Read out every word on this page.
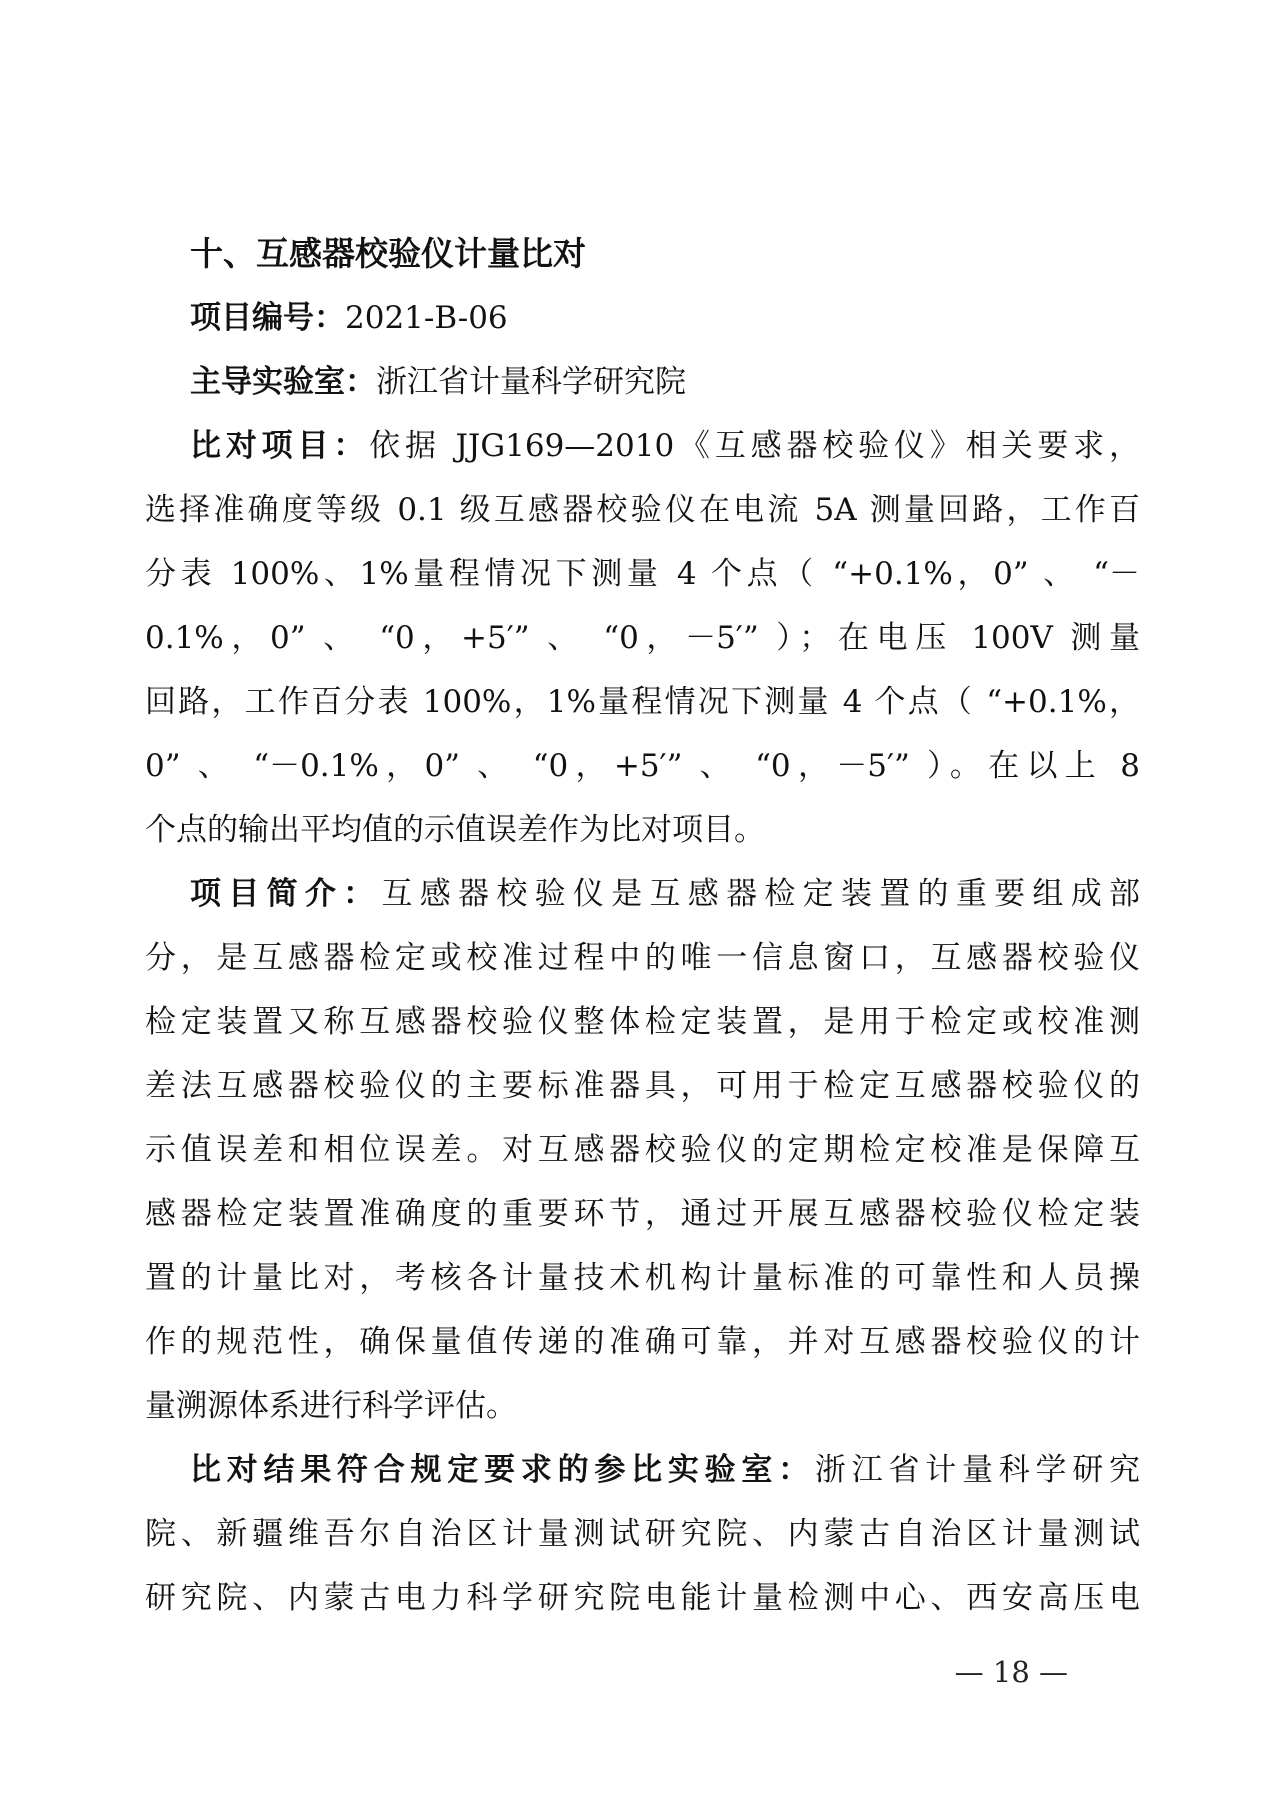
十、互感器校验仪计量比对
项目编号：2021-B-06
主导实验室：浙江省计量科学研究院
比对项目：依据 JJG169—2010《互感器校验仪》相关要求，
选择准确度等级 0.1 级互感器校验仪在电流 5A 测量回路，工作百
分表 100%、1%量程情况下测量 4 个点（ “+0.1%，0” 、 “－
0.1%，0” 、 “0，+5′” 、 “0，－5′” ）；在电压 100V 测量
回路，工作百分表 100%，1%量程情况下测量 4 个点（ “+0.1%，
0” 、 “－0.1%，0” 、 “0，+5′” 、 “0，－5′” ）。在以上 8
个点的输出平均值的示值误差作为比对项目。
项目简介：互感器校验仪是互感器检定装置的重要组成部
分，是互感器检定或校准过程中的唯一信息窗口，互感器校验仪
检定装置又称互感器校验仪整体检定装置，是用于检定或校准测
差法互感器校验仪的主要标准器具，可用于检定互感器校验仪的
示值误差和相位误差。对互感器校验仪的定期检定校准是保障互
感器检定装置准确度的重要环节，通过开展互感器校验仪检定装
置的计量比对，考核各计量技术机构计量标准的可靠性和人员操
作的规范性，确保量值传递的准确可靠，并对互感器校验仪的计
量溯源体系进行科学评估。
比对结果符合规定要求的参比实验室：浙江省计量科学研究
院、新疆维吾尔自治区计量测试研究院、内蒙古自治区计量测试
研究院、内蒙古电力科学研究院电能计量检测中心、西安高压电
— 18 —
